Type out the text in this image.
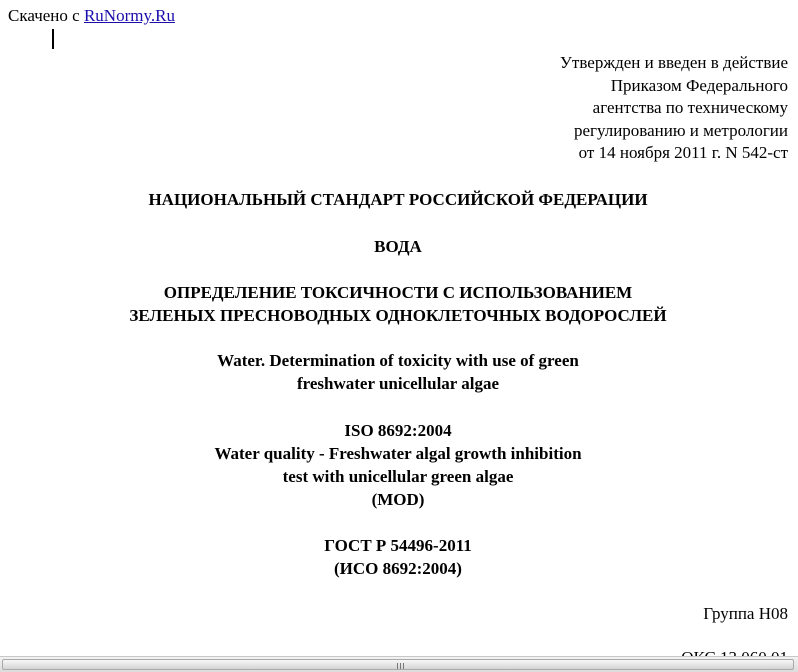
Скачено с RuNormy.Ru
Утвержден и введен в действие
Приказом Федерального
агентства по техническому
регулированию и метрологии
от 14 ноября 2011 г. N 542-ст
НАЦИОНАЛЬНЫЙ СТАНДАРТ РОССИЙСКОЙ ФЕДЕРАЦИИ
ВОДА
ОПРЕДЕЛЕНИЕ ТОКСИЧНОСТИ С ИСПОЛЬЗОВАНИЕМ
ЗЕЛЕНЫХ ПРЕСНОВОДНЫХ ОДНОКЛЕТОЧНЫХ ВОДОРОСЛЕЙ
Water. Determination of toxicity with use of green
freshwater unicellular algae
ISO 8692:2004
Water quality - Freshwater algal growth inhibition
test with unicellular green algae
(MOD)
ГОСТ Р 54496-2011
(ИСО 8692:2004)
Группа H08
